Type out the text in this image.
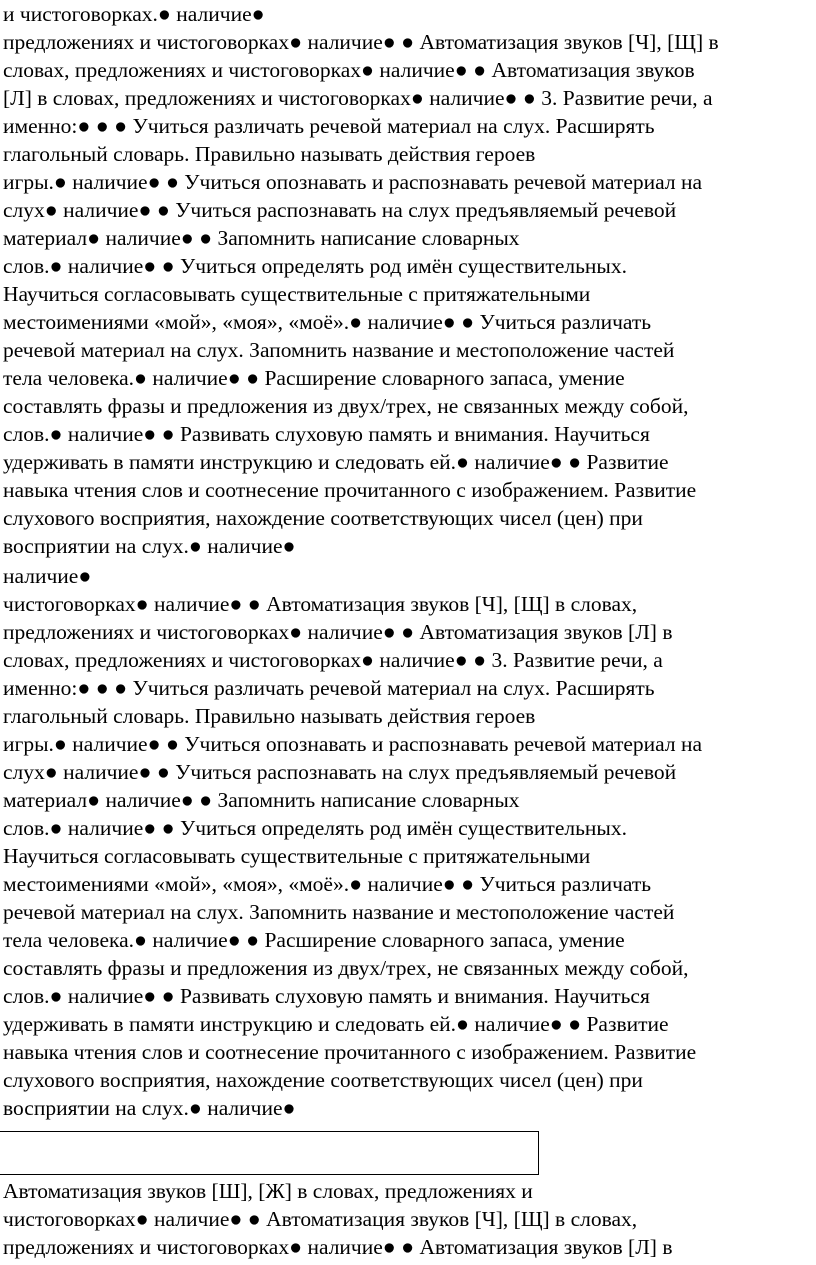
и чистоговорках.● наличие●
предложениях и чистоговорках● наличие● ● Автоматизация звуков [Ч], [Щ] в
словах, предложениях и чистоговорках● наличие● ● Автоматизация звуков
[Л] в словах, предложениях и чистоговорках● наличие● ● 3. Развитие речи, а
именно:● ● ● Учиться различать речевой материал на слух. Расширять
глагольный словарь. Правильно называть действия героев
игры.● наличие● ● Учиться опознавать и распознавать речевой материал на
слух● наличие● ● Учиться распознавать на слух предъявляемый речевой
материал● наличие● ● Запомнить написание словарных
слов.● наличие● ● Учиться определять род имён существительных.
Научиться согласовывать существительные с притяжательными
местоимениями «мой», «моя», «моё».● наличие● ● Учиться различать
речевой материал на слух. Запомнить название и местоположение частей
тела человека.● наличие● ● Расширение словарного запаса, умение
составлять фразы и предложения из двух/трех, не связанных между собой,
слов.● наличие● ● Развивать слуховую память и внимания. Научиться
удерживать в памяти инструкцию и следовать ей.● наличие● ● Развитие
навыка чтения слов и соотнесение прочитанного с изображением. Развитие
слухового восприятия, нахождение соответствующих чисел (цен) при
восприятии на слух.● наличие●
наличие●
чистоговорках● наличие● ● Автоматизация звуков [Ч], [Щ] в словах,
предложениях и чистоговорках● наличие● ● Автоматизация звуков [Л] в
словах, предложениях и чистоговорках● наличие● ● 3. Развитие речи, а
именно:● ● ● Учиться различать речевой материал на слух. Расширять
глагольный словарь. Правильно называть действия героев
игры.● наличие● ● Учиться опознавать и распознавать речевой материал на
слух● наличие● ● Учиться распознавать на слух предъявляемый речевой
материал● наличие● ● Запомнить написание словарных
слов.● наличие● ● Учиться определять род имён существительных.
Научиться согласовывать существительные с притяжательными
местоимениями «мой», «моя», «моё».● наличие● ● Учиться различать
речевой материал на слух. Запомнить название и местоположение частей
тела человека.● наличие● ● Расширение словарного запаса, умение
составлять фразы и предложения из двух/трех, не связанных между собой,
слов.● наличие● ● Развивать слуховую память и внимания. Научиться
удерживать в памяти инструкцию и следовать ей.● наличие● ● Развитие
навыка чтения слов и соотнесение прочитанного с изображением. Развитие
слухового восприятия, нахождение соответствующих чисел (цен) при
восприятии на слух.● наличие●
Автоматизация звуков [Ш], [Ж] в словах, предложениях и
чистоговорках● наличие● ● Автоматизация звуков [Ч], [Щ] в словах,
предложениях и чистоговорках● наличие● ● Автоматизация звуков [Л] в
